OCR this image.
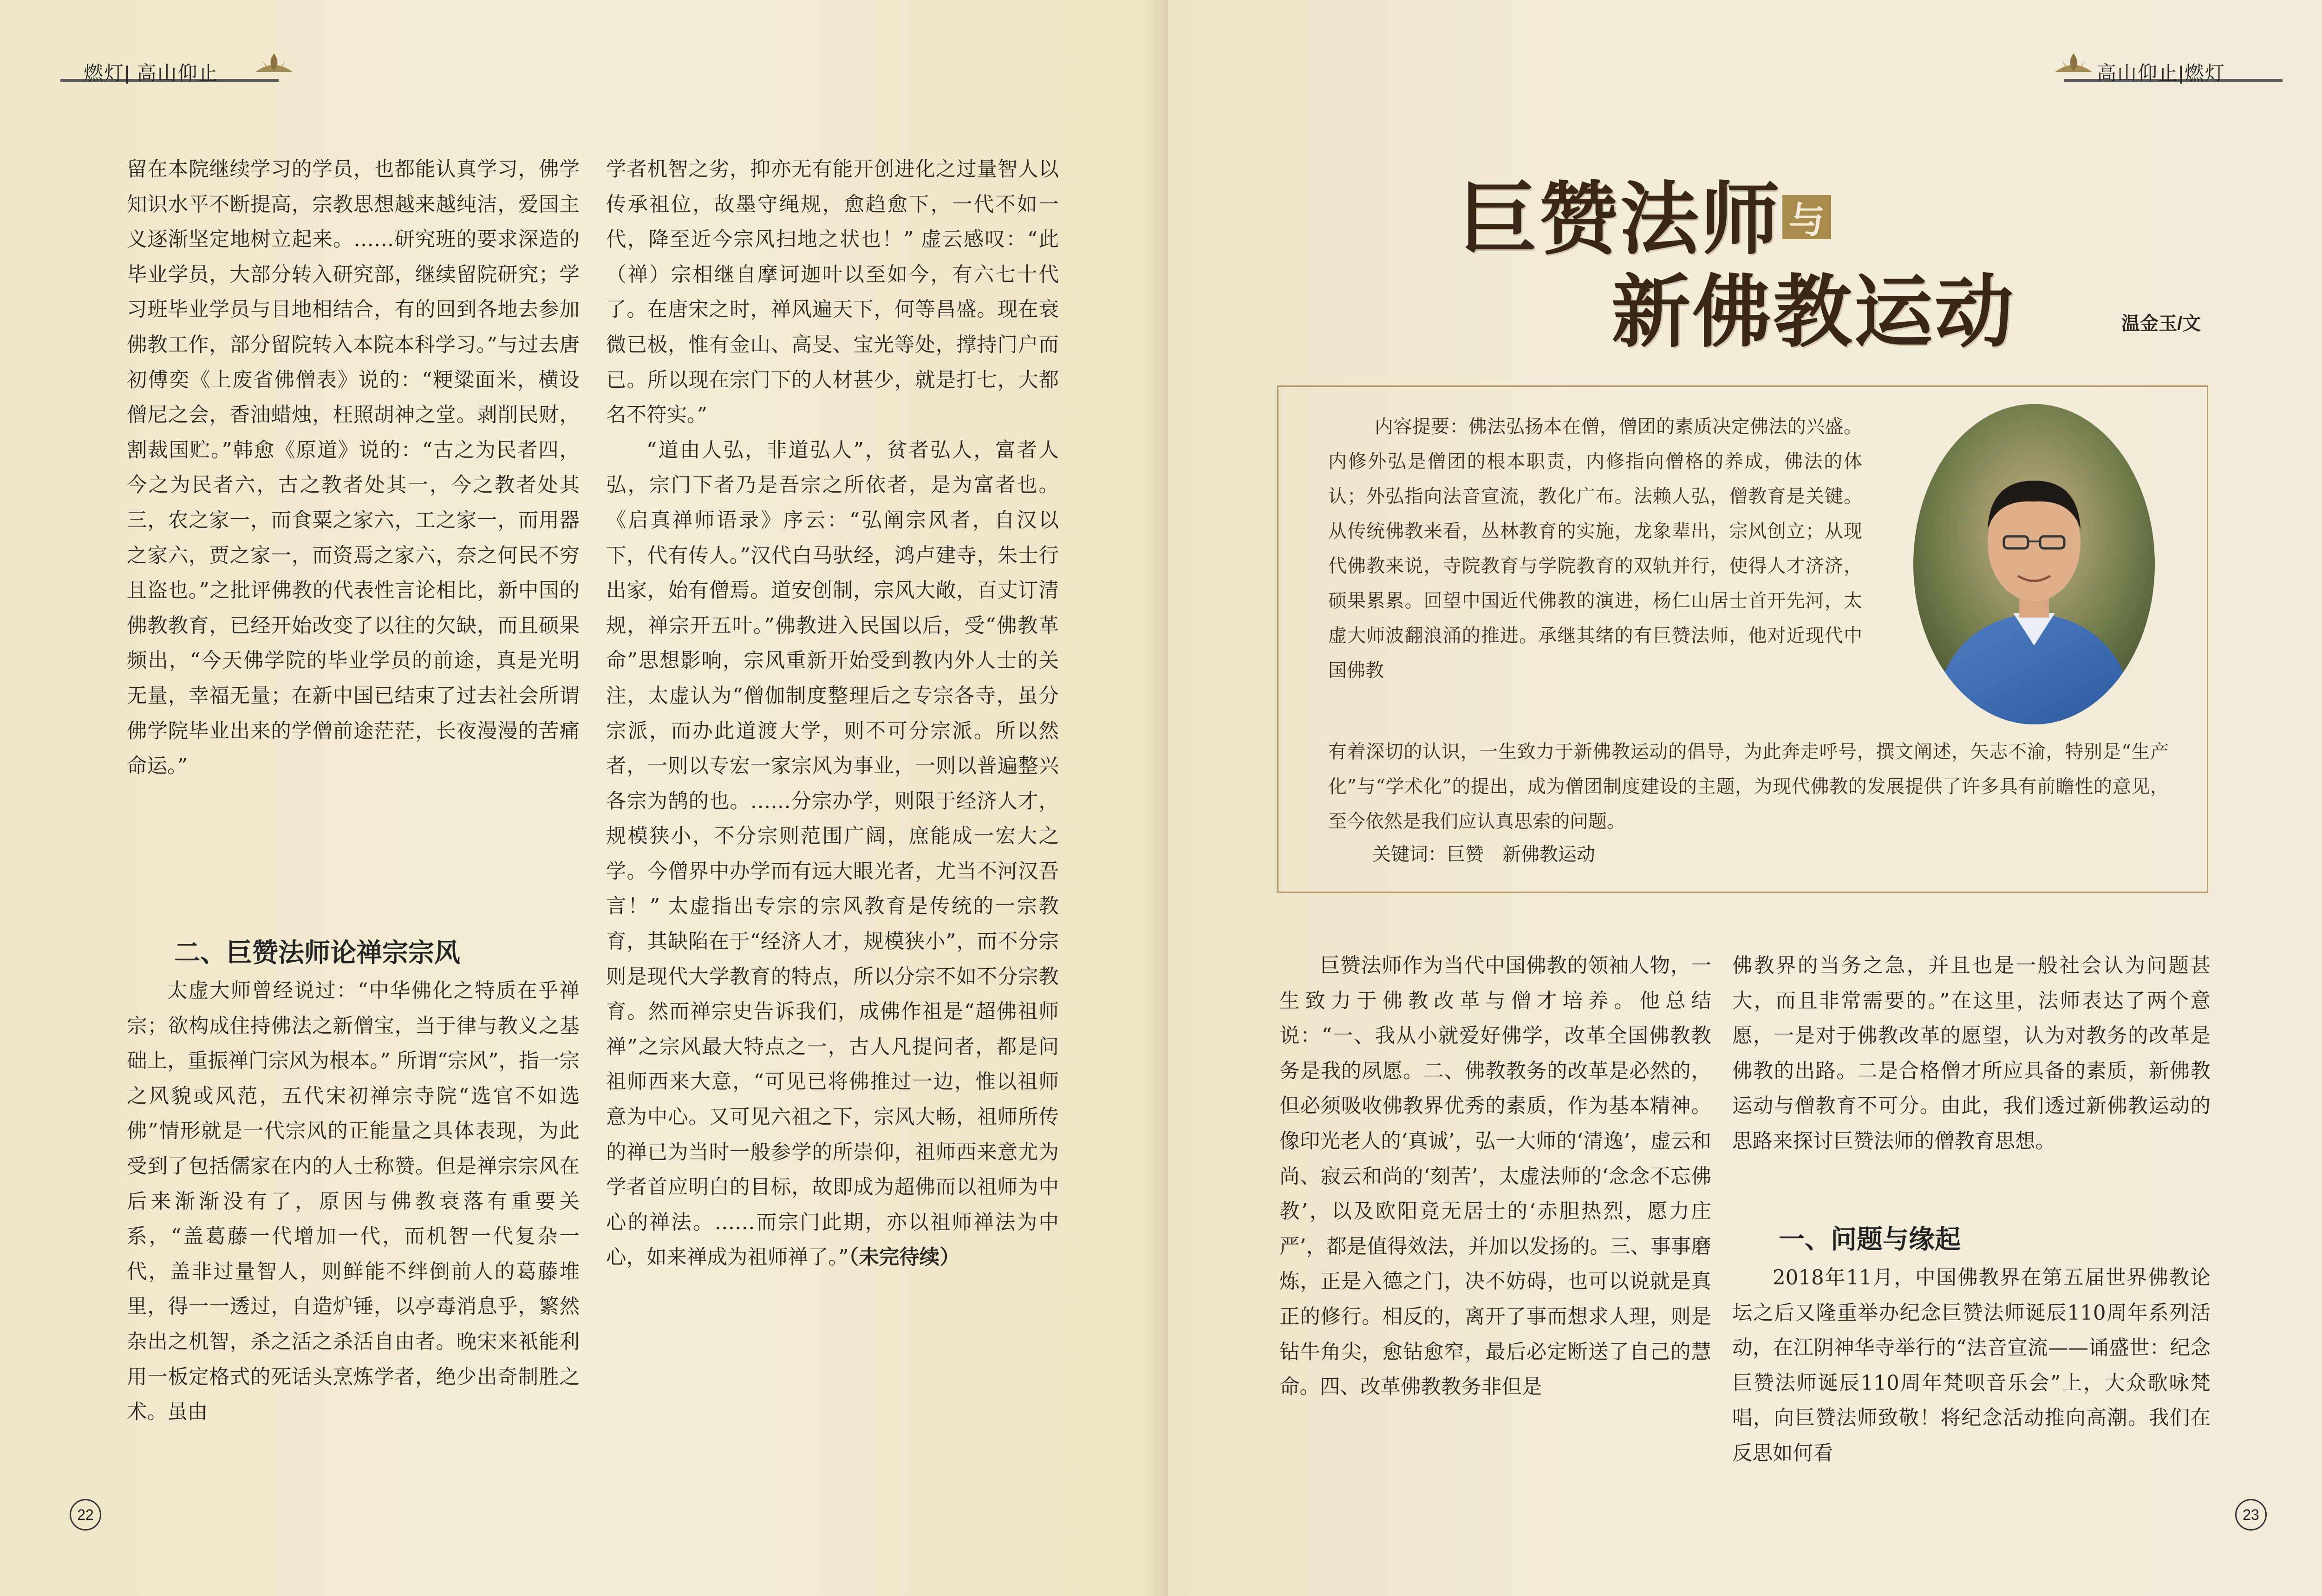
燃灯| 高山仰止

留在本院继续学习的学员，也都能认真学习，佛学知识水平不断提高，宗教思想越来越纯洁，爱国主义逐渐坚定地树立起来。……研究班的要求深造的毕业学员，大部分转入研究部，继续留院研究；学习班毕业学员与目地相结合，有的回到各地去参加佛教工作，部分留院转入本院本科学习。”与过去唐初傅奕《上废省佛僧表》说的：“粳粱面米，横设僧尼之会，香油蜡烛，枉照胡神之堂。剥削民财，割裁国贮。”韩愈《原道》说的：“古之为民者四，今之为民者六，古之教者处其一，今之教者处其三，农之家一，而食粟之家六，工之家一，而用器之家六，贾之家一，而资焉之家六，奈之何民不穷且盗也。”之批评佛教的代表性言论相比，新中国的佛教教育，已经开始改变了以往的欠缺，而且硕果频出，“今天佛学院的毕业学员的前途，真是光明无量，幸福无量；在新中国已结束了过去社会所谓佛学院毕业出来的学僧前途茫茫，长夜漫漫的苦痛命运。”

二、巨赞法师论禅宗宗风

太虚大师曾经说过：“中华佛化之特质在乎禅宗；欲构成住持佛法之新僧宝，当于律与教义之基础上，重振禅门宗风为根本。” 所谓“宗风”，指一宗之风貌或风范，五代宋初禅宗寺院“选官不如选佛”情形就是一代宗风的正能量之具体表现，为此受到了包括儒家在内的人士称赞。但是禅宗宗风在后来渐渐没有了，原因与佛教衰落有重要关系，“盖葛藤一代增加一代，而机智一代复杂一代，盖非过量智人，则鲜能不绊倒前人的葛藤堆里，得一一透过，自造炉锤，以亭毒消息乎，繁然杂出之机智，杀之活之杀活自由者。晚宋来衹能利用一板定格式的死话头烹炼学者，绝少出奇制胜之术。虽由

学者机智之劣，抑亦无有能开创进化之过量智人以传承祖位，故墨守绳规，愈趋愈下，一代不如一代，降至近今宗风扫地之状也！” 虚云感叹：“此（禅）宗相继自摩诃迦叶以至如今，有六七十代了。在唐宋之时，禅风遍天下，何等昌盛。现在衰微已极，惟有金山、高旻、宝光等处，撑持门户而已。所以现在宗门下的人材甚少，就是打七，大都名不符实。”

“道由人弘，非道弘人”，贫者弘人，富者人弘，宗门下者乃是吾宗之所依者，是为富者也。《启真禅师语录》序云：“弘阐宗风者，自汉以下，代有传人。”汉代白马驮经，鸿卢建寺，朱士行出家，始有僧焉。道安创制，宗风大敞，百丈订清规，禅宗开五叶。”佛教进入民国以后，受“佛教革命”思想影响，宗风重新开始受到教内外人士的关注，太虚认为“僧伽制度整理后之专宗各寺，虽分宗派，而办此道渡大学，则不可分宗派。所以然者，一则以专宏一家宗风为事业，一则以普遍整兴各宗为鹄的也。……分宗办学，则限于经济人才，规模狭小，不分宗则范围广阔，庶能成一宏大之学。今僧界中办学而有远大眼光者，尤当不河汉吾言！” 太虚指出专宗的宗风教育是传统的一宗教育，其缺陷在于“经济人才，规模狭小”，而不分宗则是现代大学教育的特点，所以分宗不如不分宗教育。然而禅宗史告诉我们，成佛作祖是“超佛祖师禅”之宗风最大特点之一，古人凡提问者，都是问祖师西来大意，“可见已将佛推过一边，惟以祖师意为中心。又可见六祖之下，宗风大畅，祖师所传的禅已为当时一般参学的所崇仰，祖师西来意尤为学者首应明白的目标，故即成为超佛而以祖师为中心的禅法。……而宗门此期，亦以祖师禅法为中心，如来禅成为祖师禅了。”（未完待续）

22
高山仰止|燃灯
巨赞法师 与
新佛教运动	温金玉/文
内容提要：佛法弘扬本在僧，僧团的素质决定佛法的兴盛。内修外弘是僧团的根本职责，内修指向僧格的养成，佛法的体认；外弘指向法音宣流，教化广布。法赖人弘，僧教育是关键。从传统佛教来看，丛林教育的实施，龙象辈出，宗风创立；从现代佛教来说，寺院教育与学院教育的双轨并行，使得人才济济，硕果累累。回望中国近代佛教的演进，杨仁山居士首开先河，太虚大师波翻浪涌的推进。承继其绪的有巨赞法师，他对近现代中国佛教
有着深切的认识，一生致力于新佛教运动的倡导，为此奔走呼号，撰文阐述，矢志不渝，特别是“生产化”与“学术化”的提出，成为僧团制度建设的主题，为现代佛教的发展提供了许多具有前瞻性的意见，至今依然是我们应认真思索的问题。
关键词：巨赞　新佛教运动

巨赞法师作为当代中国佛教的领袖人物，一生致力于佛教改革与僧才培养。他总结说：“一、我从小就爱好佛学，改革全国佛教教务是我的夙愿。二、佛教教务的改革是必然的，但必须吸收佛教界优秀的素质，作为基本精神。像印光老人的‘真诚’，弘一大师的‘清逸’，虚云和尚、寂云和尚的‘刻苦’，太虚法师的‘念念不忘佛教’，以及欧阳竟无居士的‘赤胆热烈，愿力庄严’，都是值得效法，并加以发扬的。三、事事磨炼，正是入德之门，决不妨碍，也可以说就是真正的修行。相反的，离开了事而想求人理，则是钻牛角尖，愈钻愈窄，最后必定断送了自己的慧命。四、改革佛教教务非但是

佛教界的当务之急，并且也是一般社会认为问题甚大，而且非常需要的。”在这里，法师表达了两个意愿，一是对于佛教改革的愿望，认为对教务的改革是佛教的出路。二是合格僧才所应具备的素质，新佛教运动与僧教育不可分。由此，我们透过新佛教运动的思路来探讨巨赞法师的僧教育思想。

一、问题与缘起

2018年11月，中国佛教界在第五届世界佛教论坛之后又隆重举办纪念巨赞法师诞辰110周年系列活动，在江阴神华寺举行的“法音宣流——诵盛世：纪念巨赞法师诞辰110周年梵呗音乐会”上，大众歌咏梵唱，向巨赞法师致敬！将纪念活动推向高潮。我们在反思如何看

23
